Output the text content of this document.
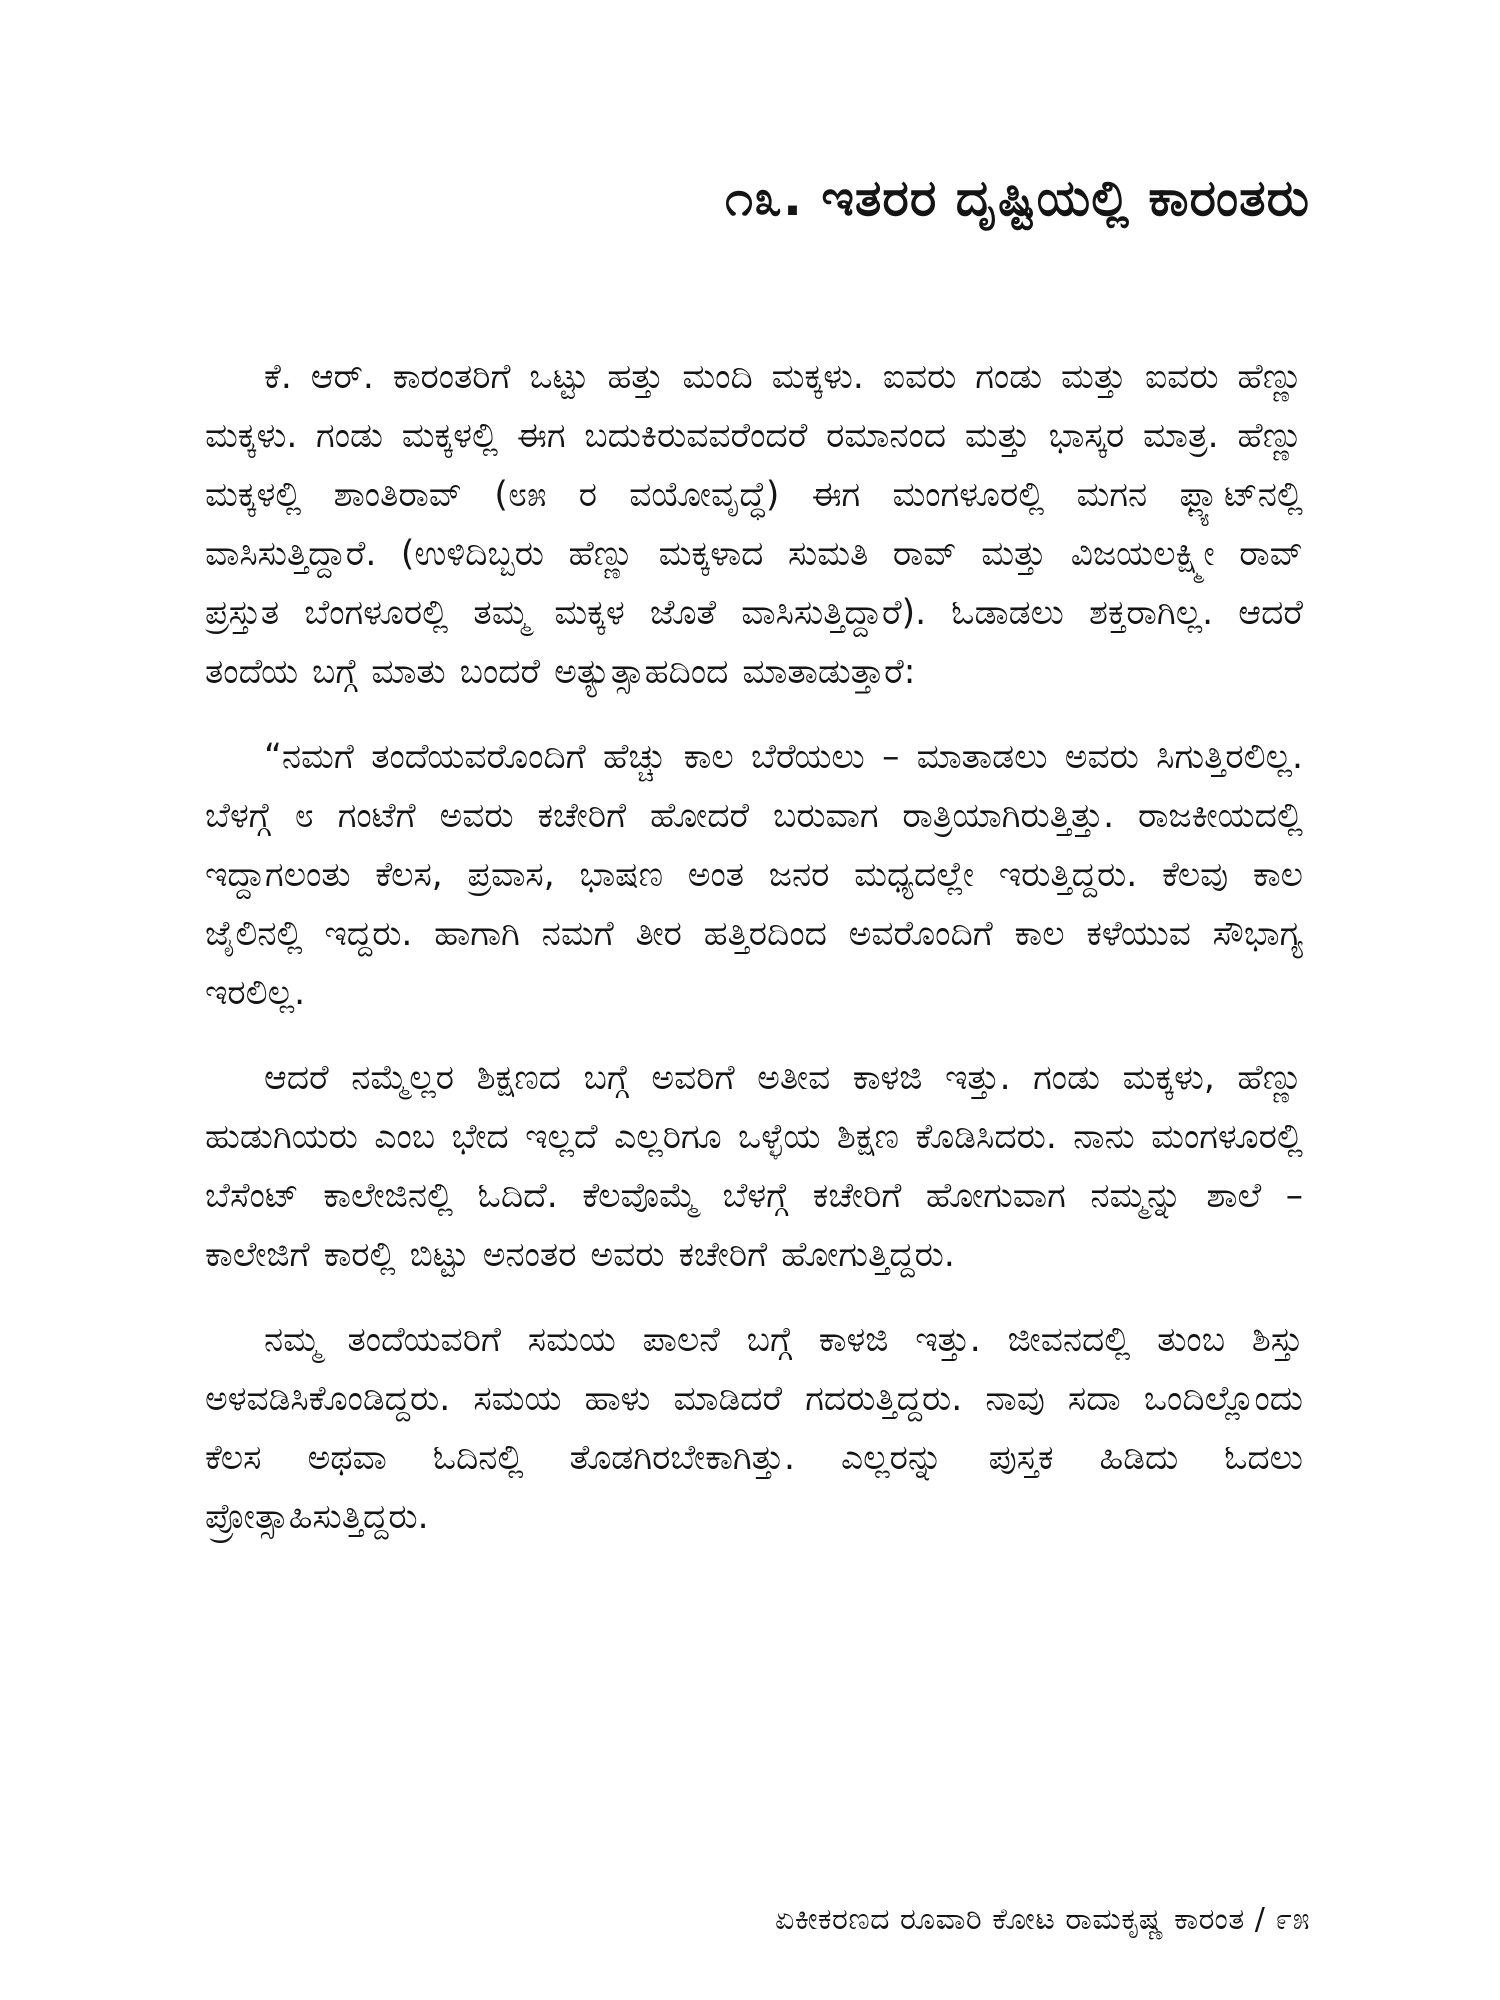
೧೩. ಇತರರ ದೃಷ್ಟಿಯಲ್ಲಿ ಕಾರಂತರು

ಕೆ. ಆರ್. ಕಾರಂತರಿಗೆ ಒಟ್ಟು ಹತ್ತು ಮಂದಿ ಮಕ್ಕಳು. ಐವರು ಗಂಡು ಮತ್ತು ಐವರು ಹೆಣ್ಣು ಮಕ್ಕಳು. ಗಂಡು ಮಕ್ಕಳಲ್ಲಿ ಈಗ ಬದುಕಿರುವವರೆಂದರೆ ರಮಾನಂದ ಮತ್ತು ಭಾಸ್ಕರ ಮಾತ್ರ. ಹೆಣ್ಣು ಮಕ್ಕಳಲ್ಲಿ ಶಾಂತಿರಾವ್ (೮೫ ರ ವಯೋವೃದ್ಧೆ) ಈಗ ಮಂಗಳೂರಲ್ಲಿ ಮಗನ ಫ್ಲ್ಯಾಟ್‌ನಲ್ಲಿ ವಾಸಿಸುತ್ತಿದ್ದಾರೆ. (ಉಳಿದಿಬ್ಬರು ಹೆಣ್ಣು ಮಕ್ಕಳಾದ ಸುಮತಿ ರಾವ್ ಮತ್ತು ವಿಜಯಲಕ್ಷ್ಮೀ ರಾವ್ ಪ್ರಸ್ತುತ ಬೆಂಗಳೂರಲ್ಲಿ ತಮ್ಮ ಮಕ್ಕಳ ಜೊತೆ ವಾಸಿಸುತ್ತಿದ್ದಾರೆ). ಓಡಾಡಲು ಶಕ್ತರಾಗಿಲ್ಲ. ಆದರೆ ತಂದೆಯ ಬಗ್ಗೆ ಮಾತು ಬಂದರೆ ಅತ್ಯುತ್ಸಾಹದಿಂದ ಮಾತಾಡುತ್ತಾರೆ:

“ನಮಗೆ ತಂದೆಯವರೊಂದಿಗೆ ಹೆಚ್ಚು ಕಾಲ ಬೆರೆಯಲು – ಮಾತಾಡಲು ಅವರು ಸಿಗುತ್ತಿರಲಿಲ್ಲ. ಬೆಳಗ್ಗೆ ೮ ಗಂಟೆಗೆ ಅವರು ಕಚೇರಿಗೆ ಹೋದರೆ ಬರುವಾಗ ರಾತ್ರಿಯಾಗಿರುತ್ತಿತ್ತು. ರಾಜಕೀಯದಲ್ಲಿ ಇದ್ದಾಗಲಂತು ಕೆಲಸ, ಪ್ರವಾಸ, ಭಾಷಣ ಅಂತ ಜನರ ಮಧ್ಯದಲ್ಲೇ ಇರುತ್ತಿದ್ದರು. ಕೆಲವು ಕಾಲ ಜೈಲಿನಲ್ಲಿ ಇದ್ದರು. ಹಾಗಾಗಿ ನಮಗೆ ತೀರ ಹತ್ತಿರದಿಂದ ಅವರೊಂದಿಗೆ ಕಾಲ ಕಳೆಯುವ ಸೌಭಾಗ್ಯ ಇರಲಿಲ್ಲ.

ಆದರೆ ನಮ್ಮೆಲ್ಲರ ಶಿಕ್ಷಣದ ಬಗ್ಗೆ ಅವರಿಗೆ ಅತೀವ ಕಾಳಜಿ ಇತ್ತು. ಗಂಡು ಮಕ್ಕಳು, ಹೆಣ್ಣು ಹುಡುಗಿಯರು ಎಂಬ ಭೇದ ಇಲ್ಲದೆ ಎಲ್ಲರಿಗೂ ಒಳ್ಳೆಯ ಶಿಕ್ಷಣ ಕೊಡಿಸಿದರು. ನಾನು ಮಂಗಳೂರಲ್ಲಿ ಬೆಸೆಂಟ್ ಕಾಲೇಜಿನಲ್ಲಿ ಓದಿದೆ. ಕೆಲವೊಮ್ಮೆ ಬೆಳಗ್ಗೆ ಕಚೇರಿಗೆ ಹೋಗುವಾಗ ನಮ್ಮನ್ನು ಶಾಲೆ –ಕಾಲೇಜಿಗೆ ಕಾರಲ್ಲಿ ಬಿಟ್ಟು ಅನಂತರ ಅವರು ಕಚೇರಿಗೆ ಹೋಗುತ್ತಿದ್ದರು.

ನಮ್ಮ ತಂದೆಯವರಿಗೆ ಸಮಯ ಪಾಲನೆ ಬಗ್ಗೆ ಕಾಳಜಿ ಇತ್ತು. ಜೀವನದಲ್ಲಿ ತುಂಬ ಶಿಸ್ತು ಅಳವಡಿಸಿಕೊಂಡಿದ್ದರು. ಸಮಯ ಹಾಳು ಮಾಡಿದರೆ ಗದರುತ್ತಿದ್ದರು. ನಾವು ಸದಾ ಒಂದಿಲ್ಲೊಂದು ಕೆಲಸ ಅಥವಾ ಓದಿನಲ್ಲಿ ತೊಡಗಿರಬೇಕಾಗಿತ್ತು. ಎಲ್ಲರನ್ನು ಪುಸ್ತಕ ಹಿಡಿದು ಓದಲು ಪ್ರೋತ್ಸಾಹಿಸುತ್ತಿದ್ದರು.

ಏಕೀಕರಣದ ರೂವಾರಿ ಕೋಟ ರಾಮಕೃಷ್ಣ ಕಾರಂತ / ೯೫
